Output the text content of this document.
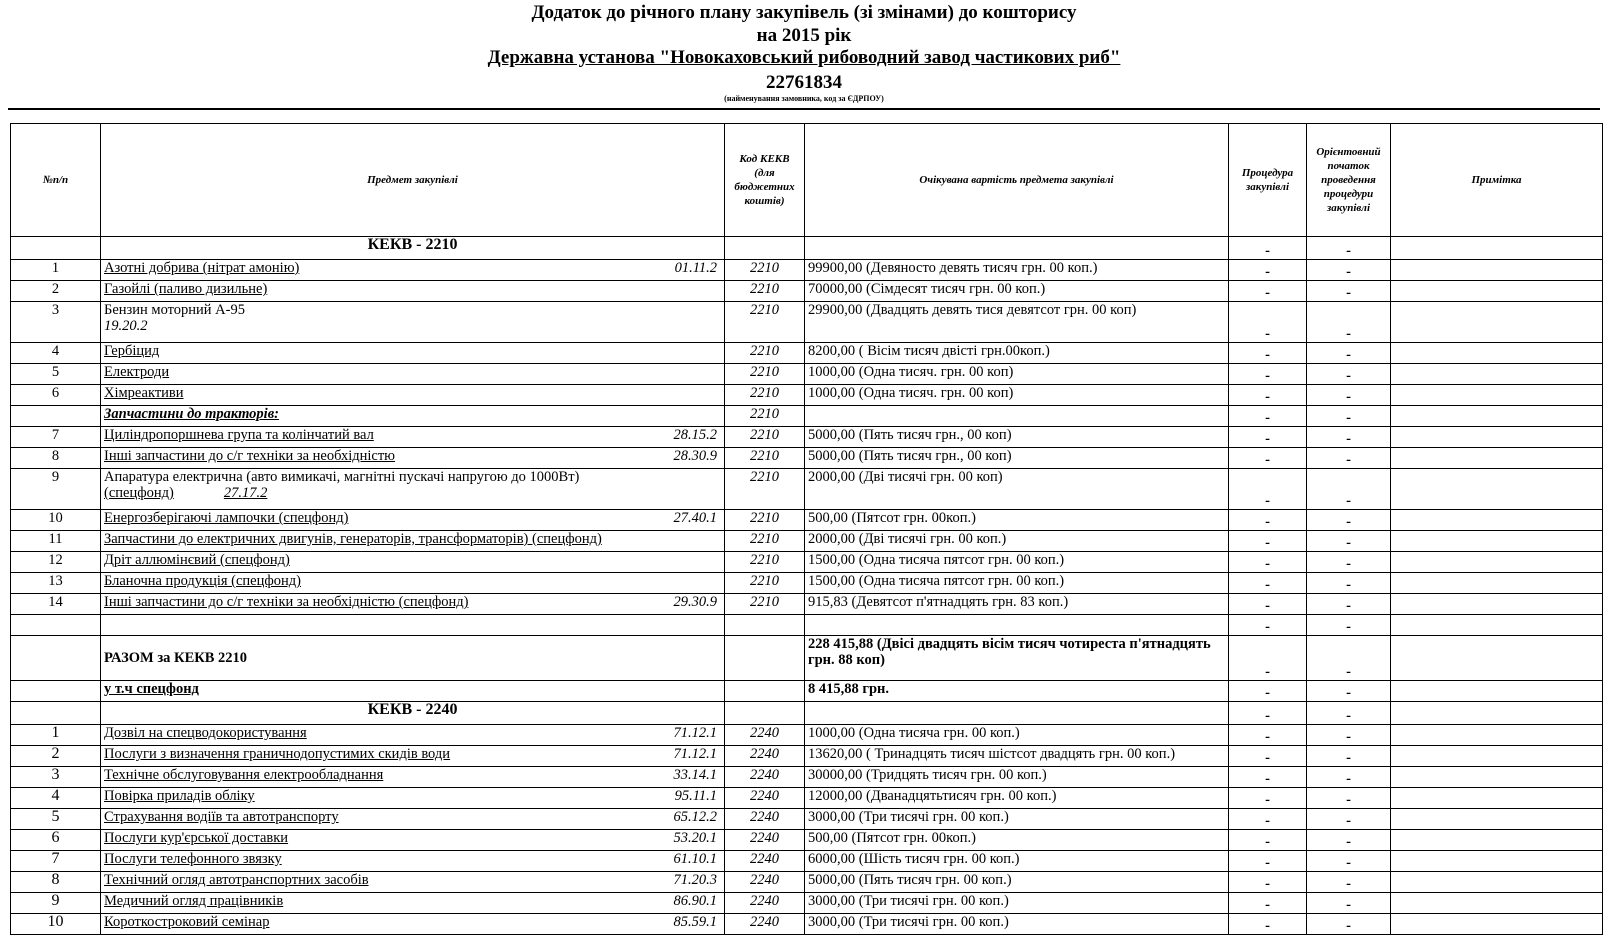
Додаток до річного плану закупівель (зі змінами) до кошторису
на 2015 рік
Державна установа "Новокаховський рибоводний завод частикових риб"
22761834
(найменування замовника, код за ЄДРПОУ)
№п/п	Предмет закупівлі	Код КЕКВ (для бюджетних коштів)	Очікувана вартість предмета закупівлі	Процедура закупівлі	Орієнтовний початок проведення процедури закупівлі	Примітка
	КЕКВ - 2210			-	-	
1	Азотні добрива (нітрат амонію) 01.11.2	2210	99900,00 (Девяносто девять тисяч грн. 00 коп.)	-	-	
2	Газойлі (паливо дизильне)	2210	70000,00 (Сімдесят тисяч грн. 00 коп.)	-	-	
3	Бензин моторний А-95
19.20.2	2210	29900,00 (Двадцять девять тися девятсот грн. 00 коп)	-	-	
4	Гербіцид	2210	8200,00 ( Вісім тисяч двісті грн.00коп.)	-	-	
5	Електроди	2210	1000,00 (Одна тисяч. грн. 00 коп)	-	-	
6	Хімреактиви	2210	1000,00 (Одна тисяч. грн. 00 коп)	-	-	
	Запчастини до тракторів:	2210		-	-	
7	Циліндропоршнева група та колінчатий вал 28.15.2	2210	5000,00 (Пять тисяч грн., 00 коп)	-	-	
8	Інші запчастини до с/г техніки за необхідністю 28.30.9	2210	5000,00 (Пять тисяч грн., 00 коп)	-	-	
9	Апаратура електрична (авто вимикачі, магнітні пускачі напругою до 1000Вт)
(спецфонд) 27.17.2	2210	2000,00 (Дві тисячі грн. 00 коп)	-	-	
10	Енергозберігаючі лампочки (спецфонд) 27.40.1	2210	500,00 (Пятсот грн. 00коп.)	-	-	
11	Запчастини до електричних двигунів, генераторів, трансформаторів) (спецфонд)	2210	2000,00 (Дві тисячі грн. 00 коп.)	-	-	
12	Дріт аллюмінєвий (спецфонд)	2210	1500,00 (Одна тисяча пятсот грн. 00 коп.)	-	-	
13	Бланочна продукція (спецфонд)	2210	1500,00 (Одна тисяча пятсот грн. 00 коп.)	-	-	
14	Інші запчастини до с/г техніки за необхідністю (спецфонд) 29.30.9	2210	915,83 (Девятсот п'ятнадцять грн. 83 коп.)	-	-	
				-	-	
	РАЗОМ за КЕКВ 2210		228 415,88 (Двісі двадцять вісім тисяч чотиреста п'ятнадцять грн. 88 коп)	-	-	
	у т.ч спецфонд		8 415,88 грн.	-	-	
	КЕКВ - 2240			-	-	
1	Дозвіл на спецводокористування 71.12.1	2240	1000,00 (Одна тисяча грн. 00 коп.)	-	-	
2	Послуги з визначення граничнодопустимих скидів води 71.12.1	2240	13620,00 ( Тринадцять тисяч шістсот двадцять грн. 00 коп.)	-	-	
3	Технічне обслуговування електрообладнання 33.14.1	2240	30000,00 (Тридцять тисяч грн. 00 коп.)	-	-	
4	Повірка приладів обліку 95.11.1	2240	12000,00 (Дванадцятьтисяч грн. 00 коп.)	-	-	
5	Страхування водіїв та автотранспорту 65.12.2	2240	3000,00 (Три тисячі грн. 00 коп.)	-	-	
6	Послуги кур'єрської доставки 53.20.1	2240	500,00 (Пятсот грн. 00коп.)	-	-	
7	Послуги телефонного звязку 61.10.1	2240	6000,00 (Шість тисяч грн. 00 коп.)	-	-	
8	Технічний огляд автотранспортних засобів 71.20.3	2240	5000,00 (Пять тисяч грн. 00 коп.)	-	-	
9	Медичний огляд працівників 86.90.1	2240	3000,00 (Три тисячі грн. 00 коп.)	-	-	
10	Короткостроковий семінар 85.59.1	2240	3000,00 (Три тисячі грн. 00 коп.)	-	-	
